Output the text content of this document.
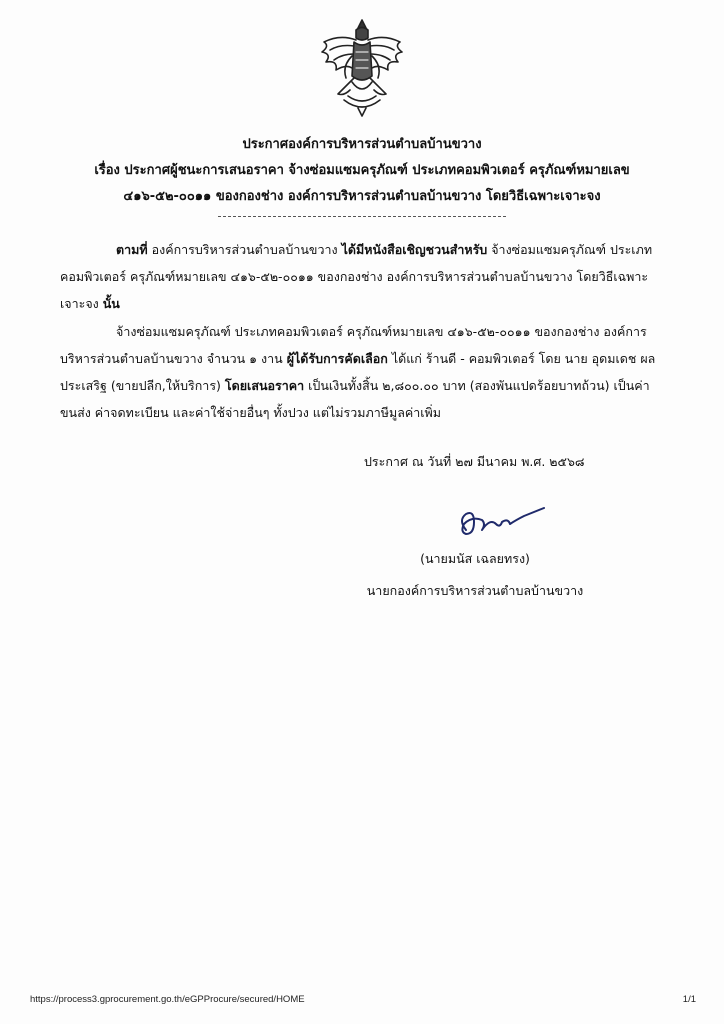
ประกาศองค์การบริหารส่วนตำบลบ้านขวาง
เรื่อง ประกาศผู้ชนะการเสนอราคา จ้างซ่อมแซมครุภัณฑ์ ประเภทคอมพิวเตอร์ ครุภัณฑ์หมายเลข
๔๑๖-๕๒-๐๐๑๑ ของกองช่าง องค์การบริหารส่วนตำบลบ้านขวาง โดยวิธีเฉพาะเจาะจง
ตามที่ องค์การบริหารส่วนตำบลบ้านขวาง ได้มีหนังสือเชิญชวนสำหรับ จ้างซ่อมแซมครุภัณฑ์ ประเภทคอมพิวเตอร์ ครุภัณฑ์หมายเลข ๔๑๖-๕๒-๐๐๑๑ ของกองช่าง องค์การบริหารส่วนตำบลบ้านขวาง โดยวิธีเฉพาะเจาะจง นั้น
จ้างซ่อมแซมครุภัณฑ์ ประเภทคอมพิวเตอร์ ครุภัณฑ์หมายเลข ๔๑๖-๕๒-๐๐๑๑ ของกองช่าง องค์การบริหารส่วนตำบลบ้านขวาง จำนวน ๑ งาน ผู้ได้รับการคัดเลือก ได้แก่ ร้านดี - คอมพิวเตอร์ โดย นาย อุดมเดช ผลประเสริฐ (ขายปลีก,ให้บริการ) โดยเสนอราคา เป็นเงินทั้งสิ้น ๒,๘๐๐.๐๐ บาท (สองพันแปดร้อยบาทถ้วน) เป็นค่าขนส่ง ค่าจดทะเบียน และค่าใช้จ่ายอื่นๆ ทั้งปวง แต่ไม่รวมภาษีมูลค่าเพิ่ม
ประกาศ ณ วันที่ ๒๗ มีนาคม พ.ศ. ๒๕๖๘
(นายมนัส เฉลยทรง)
นายกองค์การบริหารส่วนตำบลบ้านขวาง
https://process3.gprocurement.go.th/eGPProcure/secured/HOME	1/1
